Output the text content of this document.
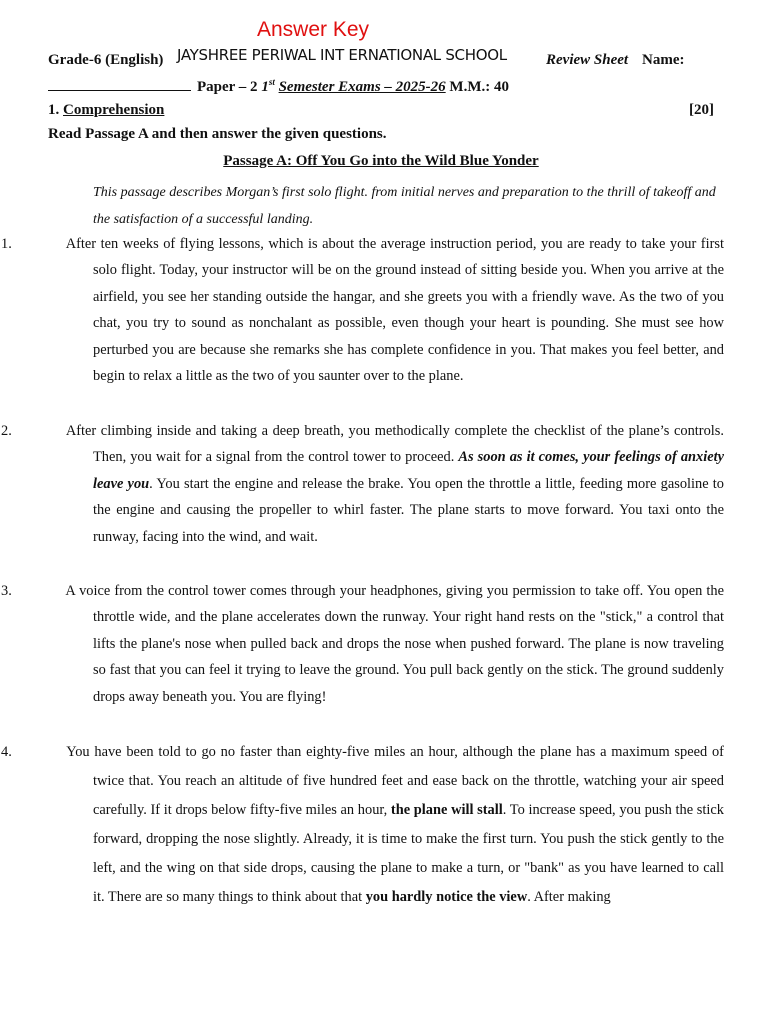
Answer Key
Grade-6 (English) JAYSHREE PERIWAL INT ERNATIONAL SCHOOL	Review Sheet Name:
Paper – 2 1st Semester Exams – 2025-26 M.M.: 40
1. Comprehension	[20]
Read Passage A and then answer the given questions.
Passage A: Off You Go into the Wild Blue Yonder
This passage describes Morgan’s first solo flight. from initial nerves and preparation to the thrill of takeoff and the satisfaction of a successful landing.
1.	After ten weeks of flying lessons, which is about the average instruction period, you are ready to take your first solo flight. Today, your instructor will be on the ground instead of sitting beside you. When you arrive at the airfield, you see her standing outside the hangar, and she greets you with a friendly wave. As the two of you chat, you try to sound as nonchalant as possible, even though your heart is pounding. She must see how perturbed you are because she remarks she has complete confidence in you. That makes you feel better, and begin to relax a little as the two of you saunter over to the plane.
2.	After climbing inside and taking a deep breath, you methodically complete the checklist of the plane’s controls. Then, you wait for a signal from the control tower to proceed. As soon as it comes, your feelings of anxiety leave you. You start the engine and release the brake. You open the throttle a little, feeding more gasoline to the engine and causing the propeller to whirl faster. The plane starts to move forward. You taxi onto the runway, facing into the wind, and wait.
3.	A voice from the control tower comes through your headphones, giving you permission to take off. You open the throttle wide, and the plane accelerates down the runway. Your right hand rests on the "stick," a control that lifts the plane's nose when pulled back and drops the nose when pushed forward. The plane is now traveling so fast that you can feel it trying to leave the ground. You pull back gently on the stick. The ground suddenly drops away beneath you. You are flying!
4.	You have been told to go no faster than eighty-five miles an hour, although the plane has a maximum speed of twice that. You reach an altitude of five hundred feet and ease back on the throttle, watching your air speed carefully. If it drops below fifty-five miles an hour, the plane will stall. To increase speed, you push the stick forward, dropping the nose slightly. Already, it is time to make the first turn. You push the stick gently to the left, and the wing on that side drops, causing the plane to make a turn, or "bank" as you have learned to call it. There are so many things to think about that you hardly notice the view. After making
